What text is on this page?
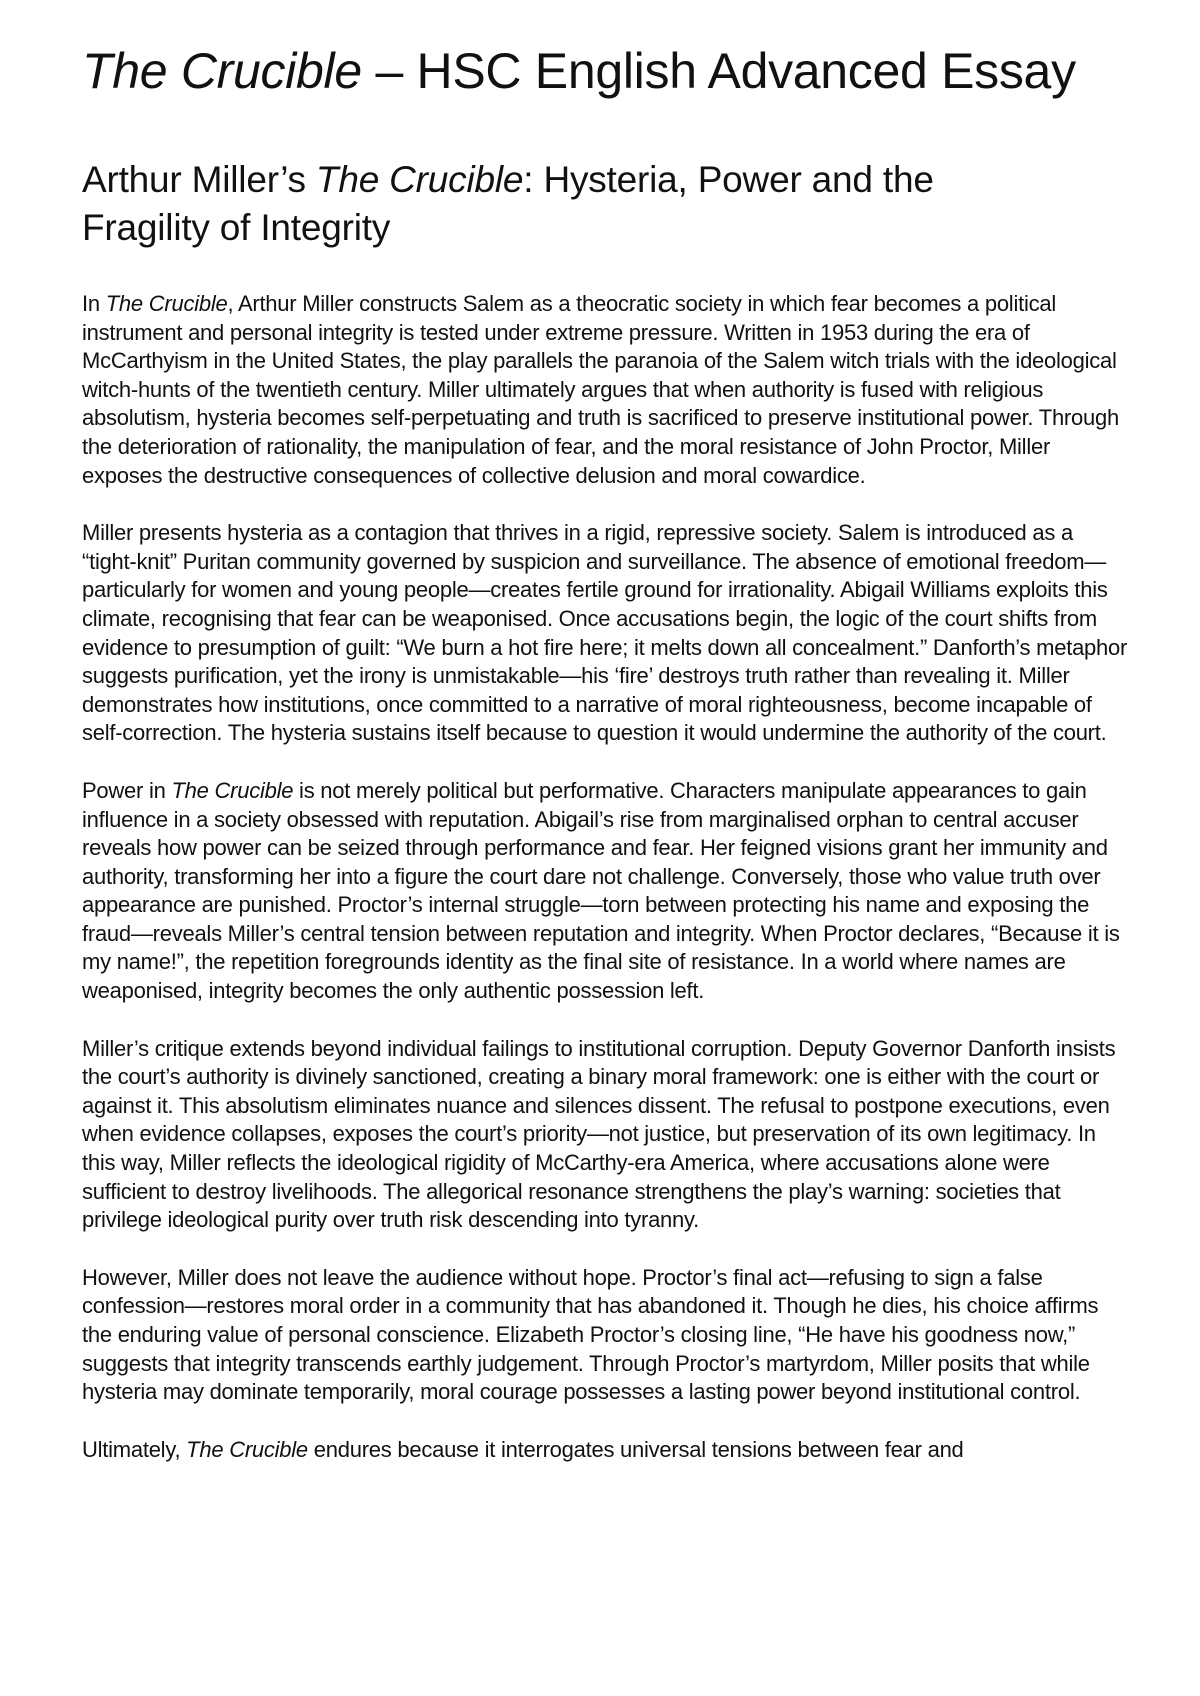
The Crucible – HSC English Advanced Essay
Arthur Miller’s The Crucible: Hysteria, Power and the Fragility of Integrity

In The Crucible, Arthur Miller constructs Salem as a theocratic society in which fear becomes a political instrument and personal integrity is tested under extreme pressure. Written in 1953 during the era of McCarthyism in the United States, the play parallels the paranoia of the Salem witch trials with the ideological witch-hunts of the twentieth century. Miller ultimately argues that when authority is fused with religious absolutism, hysteria becomes self-perpetuating and truth is sacrificed to preserve institutional power. Through the deterioration of rationality, the manipulation of fear, and the moral resistance of John Proctor, Miller exposes the destructive consequences of collective delusion and moral cowardice.

Miller presents hysteria as a contagion that thrives in a rigid, repressive society. Salem is introduced as a “tight-knit” Puritan community governed by suspicion and surveillance. The absence of emotional freedom—particularly for women and young people—creates fertile ground for irrationality. Abigail Williams exploits this climate, recognising that fear can be weaponised. Once accusations begin, the logic of the court shifts from evidence to presumption of guilt: “We burn a hot fire here; it melts down all concealment.” Danforth’s metaphor suggests purification, yet the irony is unmistakable—his ‘fire’ destroys truth rather than revealing it. Miller demonstrates how institutions, once committed to a narrative of moral righteousness, become incapable of self-correction. The hysteria sustains itself because to question it would undermine the authority of the court.

Power in The Crucible is not merely political but performative. Characters manipulate appearances to gain influence in a society obsessed with reputation. Abigail’s rise from marginalised orphan to central accuser reveals how power can be seized through performance and fear. Her feigned visions grant her immunity and authority, transforming her into a figure the court dare not challenge. Conversely, those who value truth over appearance are punished. Proctor’s internal struggle—torn between protecting his name and exposing the fraud—reveals Miller’s central tension between reputation and integrity. When Proctor declares, “Because it is my name!”, the repetition foregrounds identity as the final site of resistance. In a world where names are weaponised, integrity becomes the only authentic possession left.

Miller’s critique extends beyond individual failings to institutional corruption. Deputy Governor Danforth insists the court’s authority is divinely sanctioned, creating a binary moral framework: one is either with the court or against it. This absolutism eliminates nuance and silences dissent. The refusal to postpone executions, even when evidence collapses, exposes the court’s priority—not justice, but preservation of its own legitimacy. In this way, Miller reflects the ideological rigidity of McCarthy-era America, where accusations alone were sufficient to destroy livelihoods. The allegorical resonance strengthens the play’s warning: societies that privilege ideological purity over truth risk descending into tyranny.

However, Miller does not leave the audience without hope. Proctor’s final act—refusing to sign a false confession—restores moral order in a community that has abandoned it. Though he dies, his choice affirms the enduring value of personal conscience. Elizabeth Proctor’s closing line, “He have his goodness now,” suggests that integrity transcends earthly judgement. Through Proctor’s martyrdom, Miller posits that while hysteria may dominate temporarily, moral courage possesses a lasting power beyond institutional control.

Ultimately, The Crucible endures because it interrogates universal tensions between fear and
